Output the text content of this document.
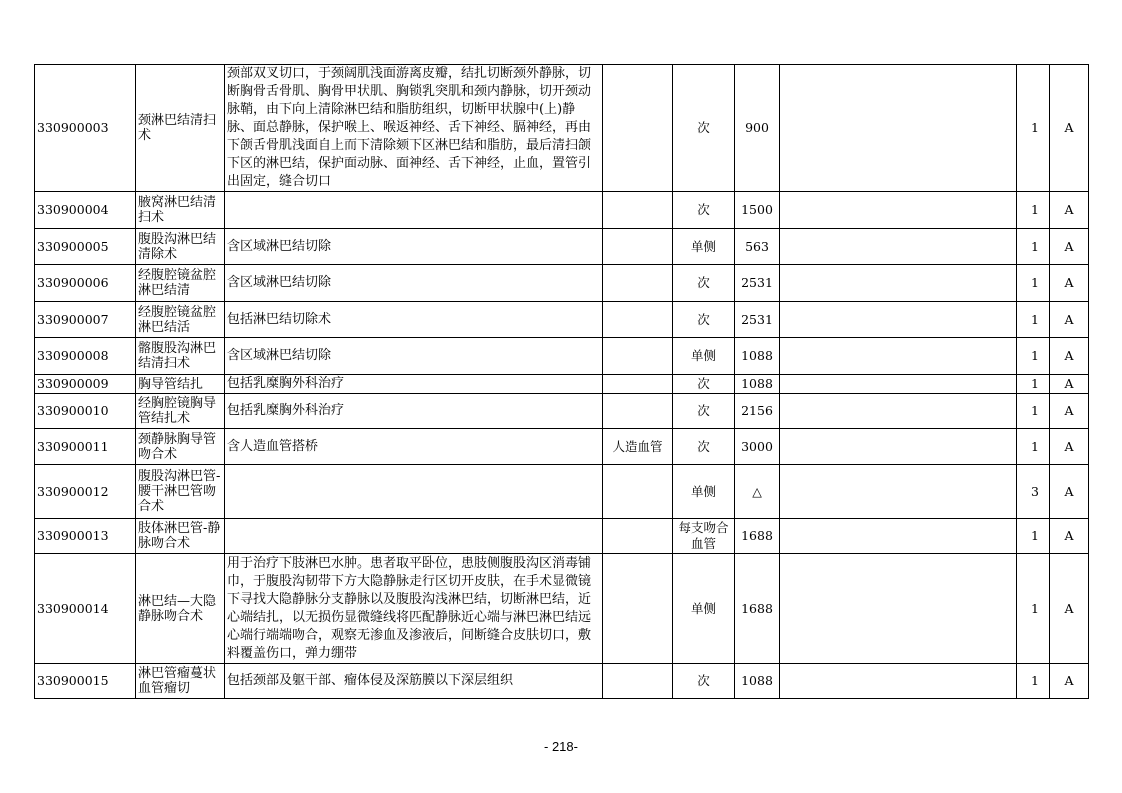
330900003	颈淋巴结清扫术	颈部双叉切口，于颈阔肌浅面游离皮瓣，结扎切断颈外静脉，切断胸骨舌骨肌、胸骨甲状肌、胸锁乳突肌和颈内静脉，切开颈动脉鞘，由下向上清除淋巴结和脂肪组织，切断甲状腺中(上)静脉、面总静脉，保护喉上、喉返神经、舌下神经、膈神经，再由下颌舌骨肌浅面自上而下清除颏下区淋巴结和脂肪，最后清扫颌下区的淋巴结，保护面动脉、面神经、舌下神经，止血，置管引出固定，缝合切口		次	900		1	A
330900004	腋窝淋巴结清扫术			次	1500		1	A
330900005	腹股沟淋巴结清除术	含区域淋巴结切除		单侧	563		1	A
330900006	经腹腔镜盆腔淋巴结清	含区域淋巴结切除		次	2531		1	A
330900007	经腹腔镜盆腔淋巴结活	包括淋巴结切除术		次	2531		1	A
330900008	髂腹股沟淋巴结清扫术	含区域淋巴结切除		单侧	1088		1	A
330900009	胸导管结扎	包括乳糜胸外科治疗		次	1088		1	A
330900010	经胸腔镜胸导管结扎术	包括乳糜胸外科治疗		次	2156		1	A
330900011	颈静脉胸导管吻合术	含人造血管搭桥	人造血管	次	3000		1	A
330900012	腹股沟淋巴管-腰干淋巴管吻合术			单侧	△		3	A
330900013	肢体淋巴管-静脉吻合术			每支吻合血管	1688		1	A
330900014	淋巴结—大隐静脉吻合术	用于治疗下肢淋巴水肿。患者取平卧位，患肢侧腹股沟区消毒铺巾，于腹股沟韧带下方大隐静脉走行区切开皮肤，在手术显微镜下寻找大隐静脉分支静脉以及腹股沟浅淋巴结，切断淋巴结，近心端结扎，以无损伤显微缝线将匹配静脉近心端与淋巴淋巴结远心端行端端吻合，观察无渗血及渗液后，间断缝合皮肤切口，敷料覆盖伤口，弹力绷带		单侧	1688		1	A
330900015	淋巴管瘤蔓状血管瘤切	包括颈部及躯干部、瘤体侵及深筋膜以下深层组织		次	1088		1	A
- 218-
